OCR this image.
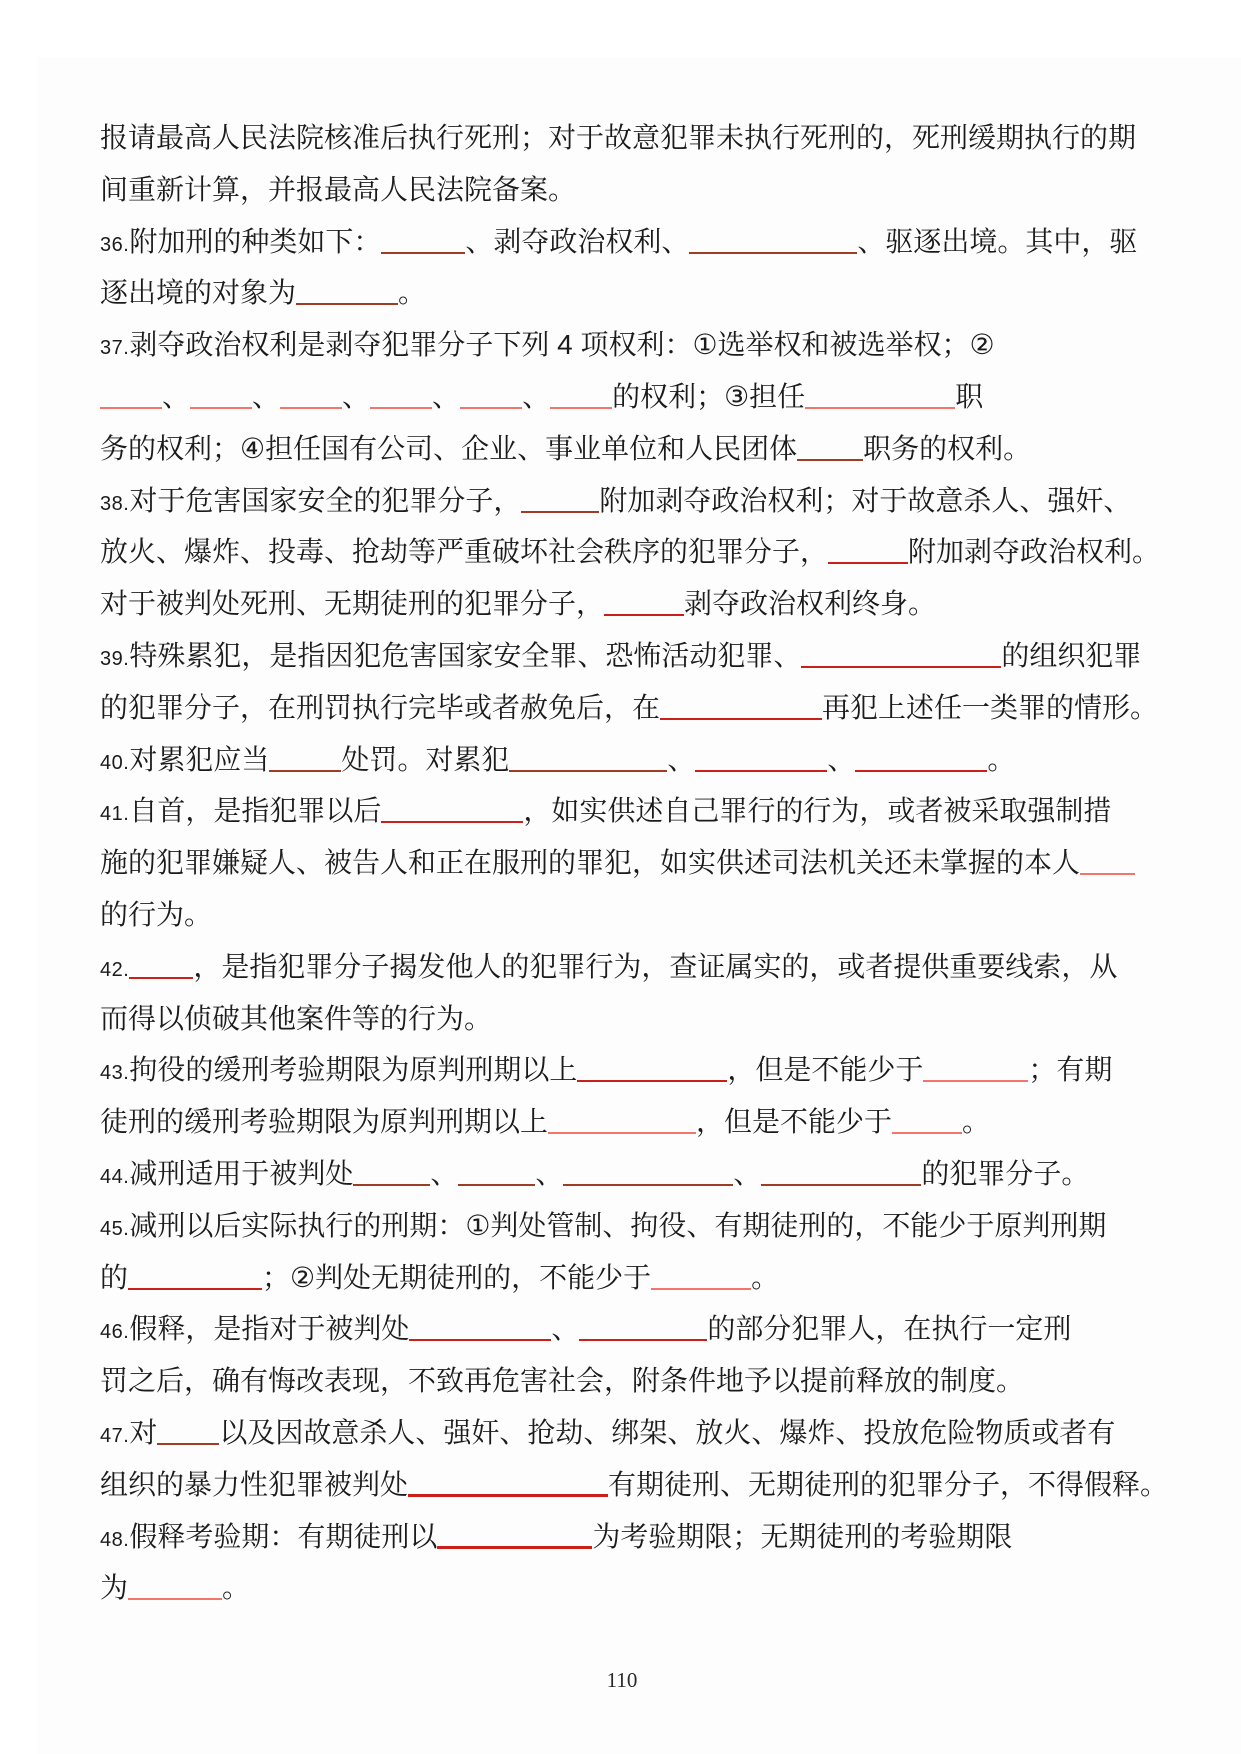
报请最高人民法院核准后执行死刑；对于故意犯罪未执行死刑的，死刑缓期执行的期
间重新计算，并报最高人民法院备案。
36.附加刑的种类如下：	、剥夺政治权利、	、驱逐出境。其中，驱
逐出境的对象为	。
37.剥夺政治权利是剥夺犯罪分子下列 4 项权利：①选举权和被选举权；②
、 、 、 、 、 的权利；③担任	职
务的权利；④担任国有公司、企业、事业单位和人民团体 职务的权利。
38.对于危害国家安全的犯罪分子，	附加剥夺政治权利；对于故意杀人、强奸、
放火、爆炸、投毒、抢劫等严重破坏社会秩序的犯罪分子，	附加剥夺政治权利。
对于被判处死刑、无期徒刑的犯罪分子，	剥夺政治权利终身。
39.特殊累犯，是指因犯危害国家安全罪、恐怖活动犯罪、	的组织犯罪
的犯罪分子，在刑罚执行完毕或者赦免后，在	再犯上述任一类罪的情形。
40.对累犯应当	处罚。对累犯	、	、	。
41.自首，是指犯罪以后	，如实供述自己罪行的行为，或者被采取强制措
施的犯罪嫌疑人、被告人和正在服刑的罪犯，如实供述司法机关还未掌握的本人
的行为。
42. ，是指犯罪分子揭发他人的犯罪行为，查证属实的，或者提供重要线索，从
而得以侦破其他案件等的行为。
43.拘役的缓刑考验期限为原判刑期以上	，但是不能少于	；有期
徒刑的缓刑考验期限为原判刑期以上	，但是不能少于	。
44.减刑适用于被判处	、	、	、	的犯罪分子。
45.减刑以后实际执行的刑期：①判处管制、拘役、有期徒刑的，不能少于原判刑期
的	；②判处无期徒刑的，不能少于	。
46.假释，是指对于被判处	、	的部分犯罪人，在执行一定刑
罚之后，确有悔改表现，不致再危害社会，附条件地予以提前释放的制度。
47.对 以及因故意杀人、强奸、抢劫、绑架、放火、爆炸、投放危险物质或者有
组织的暴力性犯罪被判处	有期徒刑、无期徒刑的犯罪分子，不得假释。
48.假释考验期：有期徒刑以	为考验期限；无期徒刑的考验期限
为	。
110
